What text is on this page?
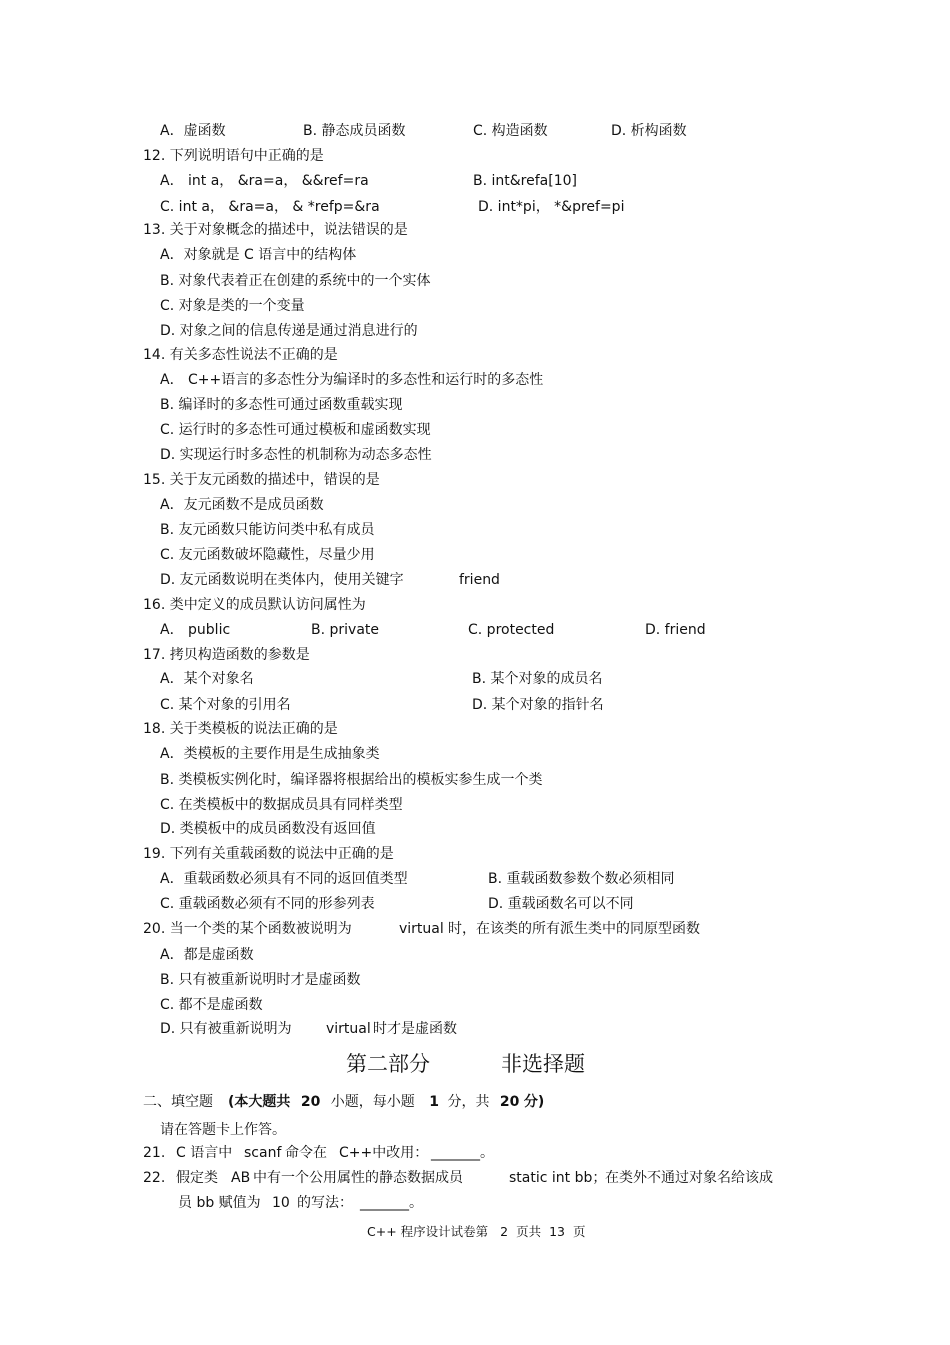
A．虚函数	B. 静态成员函数	C. 构造函数	D. 析构函数
12. 下列说明语句中正确的是
A． int a， &ra=a， &&ref=ra	B. int&refa[10]
C. int a， &ra=a， & *refp=&ra	D. int*pi， *&pref=pi
13. 关于对象概念的描述中，说法错误的是
A．对象就是 C 语言中的结构体
B. 对象代表着正在创建的系统中的一个实体
C. 对象是类的一个变量
D. 对象之间的信息传递是通过消息进行的
14. 有关多态性说法不正确的是
A． C++语言的多态性分为编译时的多态性和运行时的多态性
B. 编译时的多态性可通过函数重载实现
C. 运行时的多态性可通过模板和虚函数实现
D. 实现运行时多态性的机制称为动态多态性
15. 关于友元函数的描述中，错误的是
A．友元函数不是成员函数
B. 友元函数只能访问类中私有成员
C. 友元函数破坏隐藏性，尽量少用
D. 友元函数说明在类体内，使用关键字	friend
16. 类中定义的成员默认访问属性为
A． public	B. private	C. protected	D. friend
17. 拷贝构造函数的参数是
A．某个对象名	B. 某个对象的成员名
C. 某个对象的引用名	D. 某个对象的指针名
18. 关于类模板的说法正确的是
A．类模板的主要作用是生成抽象类
B. 类模板实例化时，编译器将根据给出的模板实参生成一个类
C. 在类模板中的数据成员具有同样类型
D. 类模板中的成员函数没有返回值
19. 下列有关重载函数的说法中正确的是
A．重载函数必须具有不同的返回值类型	B. 重载函数参数个数必须相同
C. 重载函数必须有不同的形参列表	D. 重载函数名可以不同
20. 当一个类的某个函数被说明为	virtual 时，在该类的所有派生类中的同原型函数
A．都是虚函数
B. 只有被重新说明时才是虚函数
C. 都不是虚函数
D. 只有被重新说明为 virtual 时才是虚函数
第二部分	非选择题
二、填空题 (本大题共 20 小题，每小题 1 分，共 20 分)
请在答题卡上作答。
21. C 语言中 scanf 命令在 C++中改用： _______。
22. 假定类 AB 中有一个公用属性的静态数据成员	static int bb；
在类外不通过对象名给该成
员 bb 赋值为 10 的写法： _______。
C++ 程序设计试卷第 2 页共 13 页
